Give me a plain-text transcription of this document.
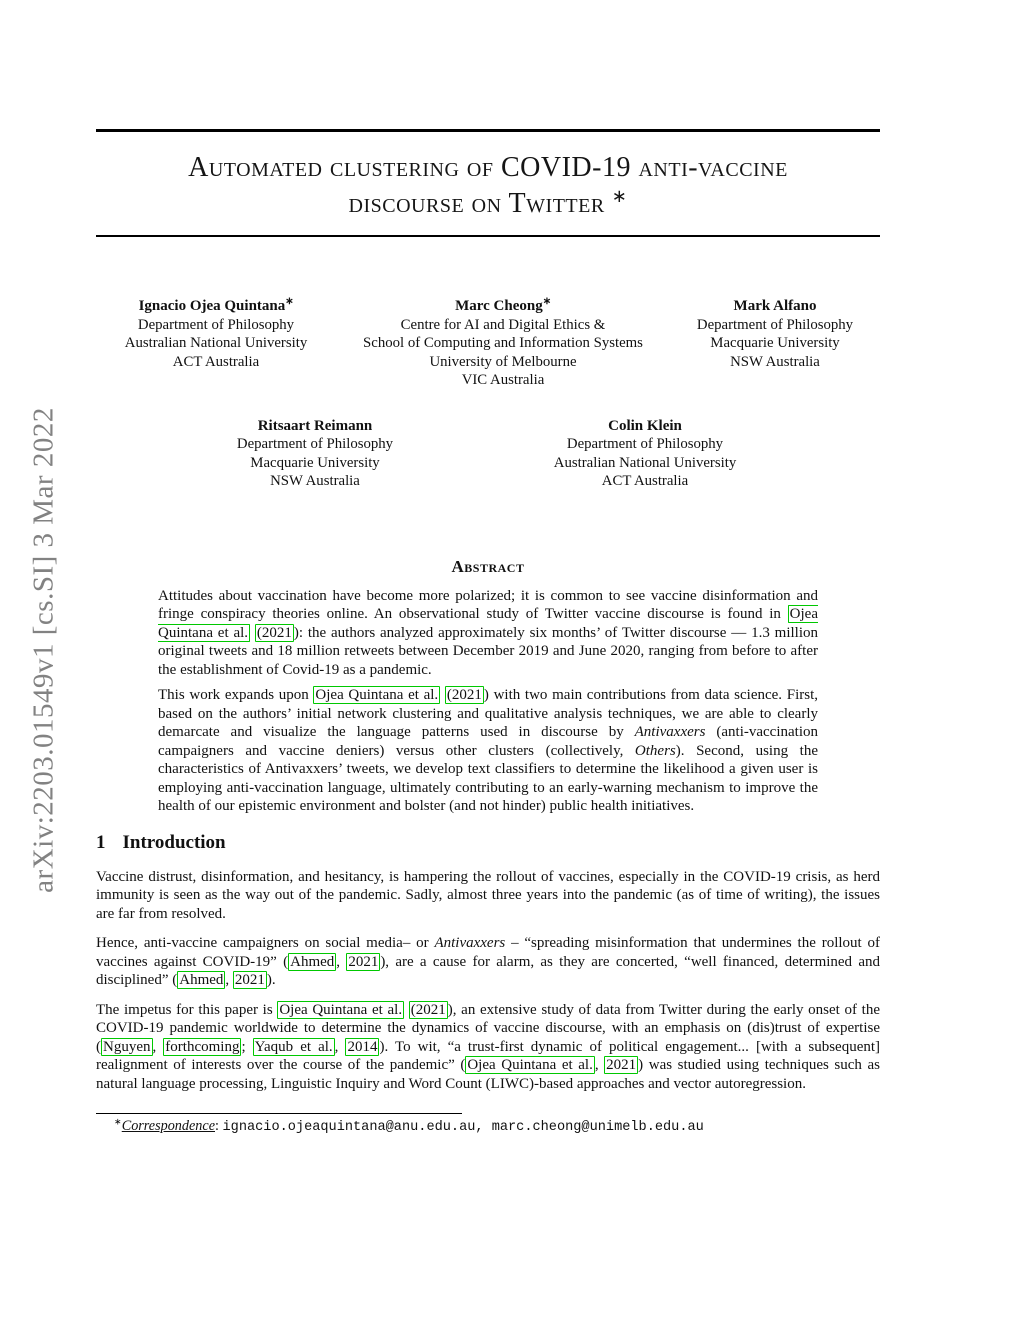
arXiv:2203.01549v1 [cs.SI] 3 Mar 2022
Automated clustering of COVID-19 anti-vaccine
discourse on Twitter ∗
Ignacio Ojea Quintana∗
Department of Philosophy
Australian National University
ACT Australia
Marc Cheong∗
Centre for AI and Digital Ethics &
School of Computing and Information Systems
University of Melbourne
VIC Australia
Mark Alfano
Department of Philosophy
Macquarie University
NSW Australia
Ritsaart Reimann
Department of Philosophy
Macquarie University
NSW Australia
Colin Klein
Department of Philosophy
Australian National University
ACT Australia
Abstract

Attitudes about vaccination have become more polarized; it is common to see vaccine disinformation and fringe conspiracy theories online. An observational study of Twitter vaccine discourse is found in Ojea Quintana et al. (2021 ): the authors analyzed approximately six months’ of Twitter discourse — 1.3 million original tweets and 18 million retweets between December 2019 and June 2020, ranging from before to after the establishment of Covid-19 as a pandemic.

This work expands upon Ojea Quintana et al. (2021 ) with two main contributions from data science. First, based on the authors’ initial network clustering and qualitative analysis techniques, we are able to clearly demarcate and visualize the language patterns used in discourse by Antivaxxers (anti-vaccination campaigners and vaccine deniers) versus other clusters (collectively, Others). Second, using the characteristics of Antivaxxers’ tweets, we develop text classifiers to determine the likelihood a given user is employing anti-vaccination language, ultimately contributing to an early-warning mechanism to improve the health of our epistemic environment and bolster (and not hinder) public health initiatives.

1 Introduction

Vaccine distrust, disinformation, and hesitancy, is hampering the rollout of vaccines, especially in the COVID-19 crisis, as herd immunity is seen as the way out of the pandemic. Sadly, almost three years into the pandemic (as of time of writing), the issues are far from resolved.

Hence, anti-vaccine campaigners on social media– or Antivaxxers – “spreading misinformation that undermines the rollout of vaccines against COVID-19” ( Ahmed , 2021 ), are a cause for alarm, as they are concerted, “well financed, determined and disciplined” ( Ahmed , 2021 ).

The impetus for this paper is Ojea Quintana et al. (2021 ), an extensive study of data from Twitter during the early onset of the COVID-19 pandemic worldwide to determine the dynamics of vaccine discourse, with an emphasis on (dis)trust of expertise ( Nguyen , forthcoming ; Yaqub et al. , 2014 ). To wit, “a trust-first dynamic of political engagement... [with a subsequent] realignment of interests over the course of the pandemic” ( Ojea Quintana et al. , 2021 ) was studied using techniques such as natural language processing, Linguistic Inquiry and Word Count (LIWC)-based approaches and vector autoregression.

∗Correspondence: ignacio.ojeaquintana@anu.edu.au, marc.cheong@unimelb.edu.au
